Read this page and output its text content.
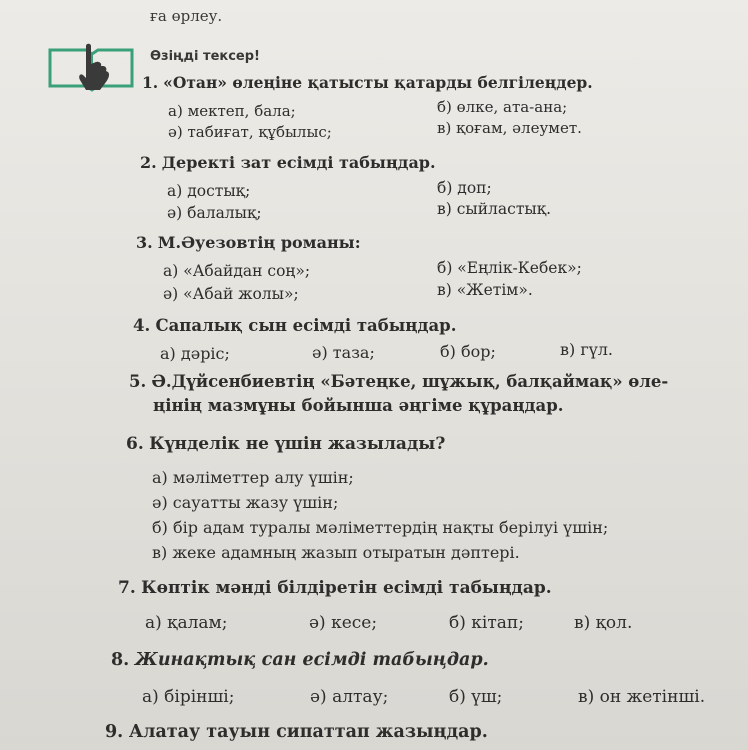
ға өрлеу.
Өзіңді тексер!
1. «Отан» өлеңіне қатысты қатарды белгілеңдер.
а) мектеп, бала;	б) өлке, ата-ана;
ә) табиғат, құбылыс;	в) қоғам, әлеумет.
2. Деректі зат есімді табыңдар.
а) достық;	б) доп;
ә) балалық;	в) сыйластық.
3. М.Әуезовтің романы:
а) «Абайдан соң»;	б) «Еңлік-Кебек»;
ә) «Абай жолы»;	в) «Жетім».
4. Сапалық сын есімді табыңдар.
а) дәріс;	ә) таза;	б) бор;	в) гүл.
5. Ә.Дүйсенбиевтің «Бәтеңке, шұжық, балқаймақ» өле-
ңінің мазмұны бойынша әңгіме құраңдар.
6. Күнделік не үшін жазылады?
а) мәліметтер алу үшін;
ә) сауатты жазу үшін;
б) бір адам туралы мәліметтердің нақты берілуі үшін;
в) жеке адамның жазып отыратын дәптері.
7. Көптік мәнді білдіретін есімді табыңдар.
а) қалам;	ә) кесе;	б) кітап;	в) қол.
8. Жинақтық сан есімді табыңдар.
а) бірінші;	ә) алтау;	б) үш;	в) он жетінші.
9. Алатау тауын сипаттап жазыңдар.
